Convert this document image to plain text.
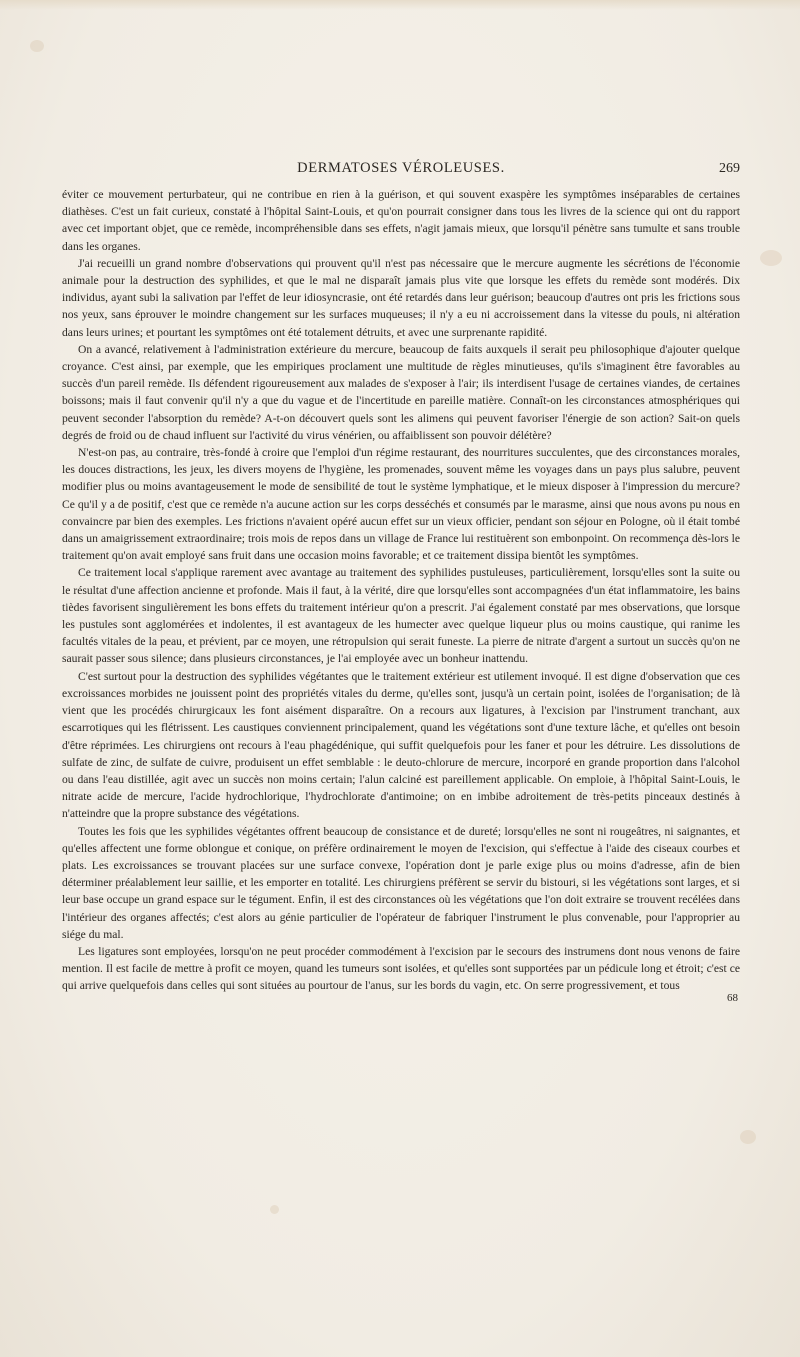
DERMATOSES VÉROLEUSES.	269

éviter ce mouvement perturbateur, qui ne contribue en rien à la guérison, et qui souvent exaspère les symptômes inséparables de certaines diathèses. C'est un fait curieux, constaté à l'hôpital Saint-Louis, et qu'on pourrait consigner dans tous les livres de la science qui ont du rapport avec cet important objet, que ce remède, incompréhensible dans ses effets, n'agit jamais mieux, que lorsqu'il pénètre sans tumulte et sans trouble dans les organes.

J'ai recueilli un grand nombre d'observations qui prouvent qu'il n'est pas nécessaire que le mercure augmente les sécrétions de l'économie animale pour la destruction des syphilides, et que le mal ne disparaît jamais plus vite que lorsque les effets du remède sont modérés. Dix individus, ayant subi la salivation par l'effet de leur idiosyncrasie, ont été retardés dans leur guérison; beaucoup d'autres ont pris les frictions sous nos yeux, sans éprouver le moindre changement sur les surfaces muqueuses; il n'y a eu ni accroissement dans la vitesse du pouls, ni altération dans leurs urines; et pourtant les symptômes ont été totalement détruits, et avec une surprenante rapidité.

On a avancé, relativement à l'administration extérieure du mercure, beaucoup de faits auxquels il serait peu philosophique d'ajouter quelque croyance. C'est ainsi, par exemple, que les empiriques proclament une multitude de règles minutieuses, qu'ils s'imaginent être favorables au succès d'un pareil remède. Ils défendent rigoureusement aux malades de s'exposer à l'air; ils interdisent l'usage de certaines viandes, de certaines boissons; mais il faut convenir qu'il n'y a que du vague et de l'incertitude en pareille matière. Connaît-on les circonstances atmosphériques qui peuvent seconder l'absorption du remède? A-t-on découvert quels sont les alimens qui peuvent favoriser l'énergie de son action? Sait-on quels degrés de froid ou de chaud influent sur l'activité du virus vénérien, ou affaiblissent son pouvoir délétère?

N'est-on pas, au contraire, très-fondé à croire que l'emploi d'un régime restaurant, des nourritures succulentes, que des circonstances morales, les douces distractions, les jeux, les divers moyens de l'hygiène, les promenades, souvent même les voyages dans un pays plus salubre, peuvent modifier plus ou moins avantageusement le mode de sensibilité de tout le système lymphatique, et le mieux disposer à l'impression du mercure? Ce qu'il y a de positif, c'est que ce remède n'a aucune action sur les corps desséchés et consumés par le marasme, ainsi que nous avons pu nous en convaincre par bien des exemples. Les frictions n'avaient opéré aucun effet sur un vieux officier, pendant son séjour en Pologne, où il était tombé dans un amaigrissement extraordinaire; trois mois de repos dans un village de France lui restituèrent son embonpoint. On recommença dès-lors le traitement qu'on avait employé sans fruit dans une occasion moins favorable; et ce traitement dissipa bientôt les symptômes.

Ce traitement local s'applique rarement avec avantage au traitement des syphilides pustuleuses, particulièrement, lorsqu'elles sont la suite ou le résultat d'une affection ancienne et profonde. Mais il faut, à la vérité, dire que lorsqu'elles sont accompagnées d'un état inflammatoire, les bains tièdes favorisent singulièrement les bons effets du traitement intérieur qu'on a prescrit. J'ai également constaté par mes observations, que lorsque les pustules sont agglomérées et indolentes, il est avantageux de les humecter avec quelque liqueur plus ou moins caustique, qui ranime les facultés vitales de la peau, et prévient, par ce moyen, une rétropulsion qui serait funeste. La pierre de nitrate d'argent a surtout un succès qu'on ne saurait passer sous silence; dans plusieurs circonstances, je l'ai employée avec un bonheur inattendu.

C'est surtout pour la destruction des syphilides végétantes que le traitement extérieur est utilement invoqué. Il est digne d'observation que ces excroissances morbides ne jouissent point des propriétés vitales du derme, qu'elles sont, jusqu'à un certain point, isolées de l'organisation; de là vient que les procédés chirurgicaux les font aisément disparaître. On a recours aux ligatures, à l'excision par l'instrument tranchant, aux escarrotiques qui les flétrissent. Les caustiques conviennent principalement, quand les végétations sont d'une texture lâche, et qu'elles ont besoin d'être réprimées. Les chirurgiens ont recours à l'eau phagédénique, qui suffit quelquefois pour les faner et pour les détruire. Les dissolutions de sulfate de zinc, de sulfate de cuivre, produisent un effet semblable : le deuto-chlorure de mercure, incorporé en grande proportion dans l'alcohol ou dans l'eau distillée, agit avec un succès non moins certain; l'alun calciné est pareillement applicable. On emploie, à l'hôpital Saint-Louis, le nitrate acide de mercure, l'acide hydrochlorique, l'hydrochlorate d'antimoine; on en imbibe adroitement de très-petits pinceaux destinés à n'atteindre que la propre substance des végétations.

Toutes les fois que les syphilides végétantes offrent beaucoup de consistance et de dureté; lorsqu'elles ne sont ni rougeâtres, ni saignantes, et qu'elles affectent une forme oblongue et conique, on préfère ordinairement le moyen de l'excision, qui s'effectue à l'aide des ciseaux courbes et plats. Les excroissances se trouvant placées sur une surface convexe, l'opération dont je parle exige plus ou moins d'adresse, afin de bien déterminer préalablement leur saillie, et les emporter en totalité. Les chirurgiens préfèrent se servir du bistouri, si les végétations sont larges, et si leur base occupe un grand espace sur le tégument. Enfin, il est des circonstances où les végétations que l'on doit extraire se trouvent recélées dans l'intérieur des organes affectés; c'est alors au génie particulier de l'opérateur de fabriquer l'instrument le plus convenable, pour l'approprier au siége du mal.

Les ligatures sont employées, lorsqu'on ne peut procéder commodément à l'excision par le secours des instrumens dont nous venons de faire mention. Il est facile de mettre à profit ce moyen, quand les tumeurs sont isolées, et qu'elles sont supportées par un pédicule long et étroit; c'est ce qui arrive quelquefois dans celles qui sont situées au pourtour de l'anus, sur les bords du vagin, etc. On serre progressivement, et tous

68
